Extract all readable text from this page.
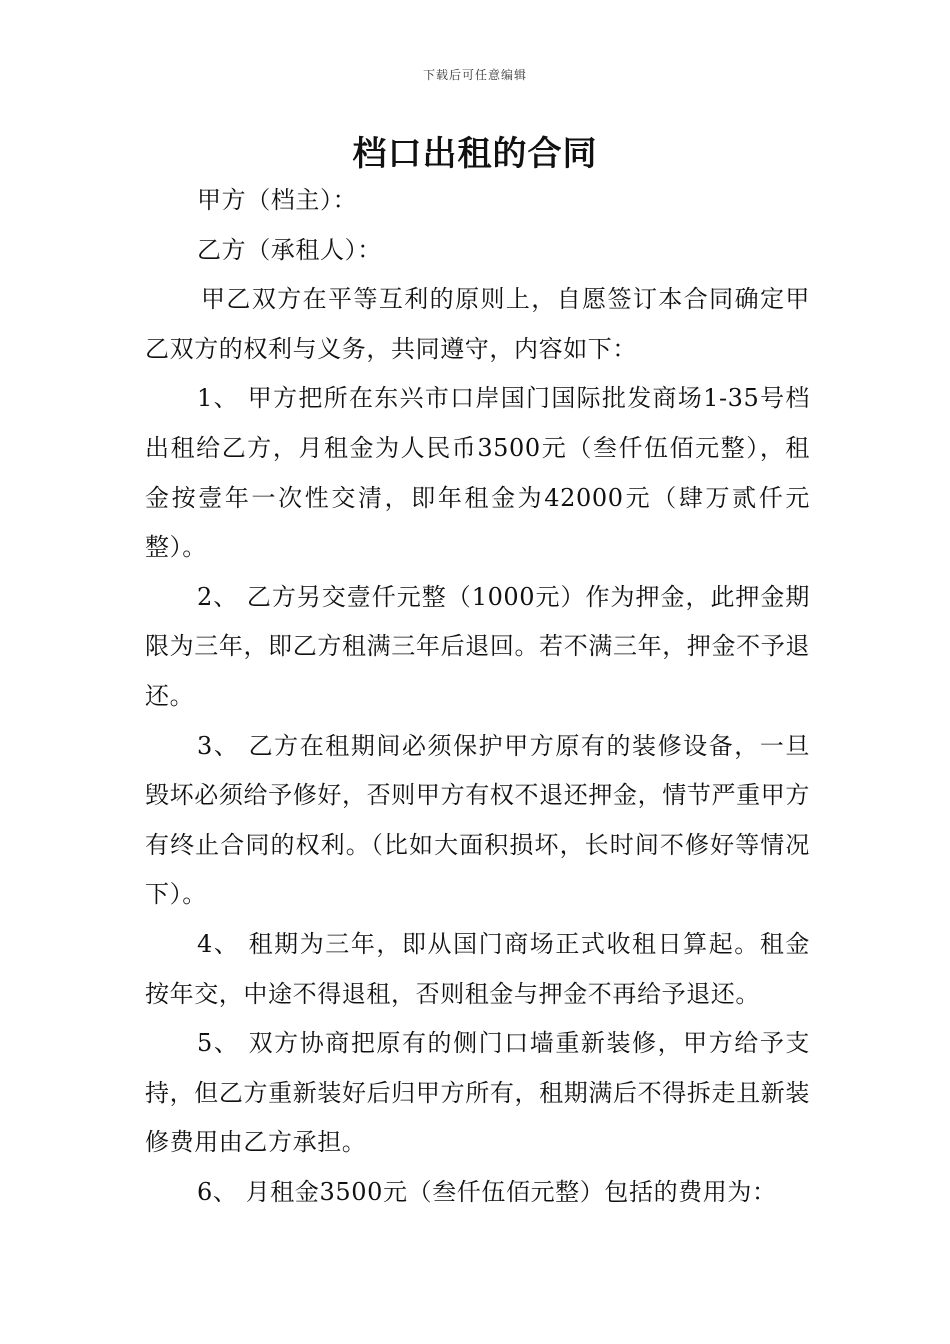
下载后可任意编辑
档口出租的合同

甲方（档主）：

乙方（承租人）：

甲乙双方在平等互利的原则上，自愿签订本合同确定甲乙双方的权利与义务，共同遵守，内容如下：

1、 甲方把所在东兴市口岸国门国际批发商场1-35号档出租给乙方，月租金为人民币3500元（叁仟伍佰元整），租金按壹年一次性交清，即年租金为42000元（肆万贰仟元整）。

2、 乙方另交壹仟元整（1000元）作为押金，此押金期限为三年，即乙方租满三年后退回。若不满三年，押金不予退还。

3、 乙方在租期间必须保护甲方原有的装修设备，一旦毁坏必须给予修好，否则甲方有权不退还押金，情节严重甲方有终止合同的权利。（比如大面积损坏，长时间不修好等情况下）。

4、 租期为三年，即从国门商场正式收租日算起。租金按年交，中途不得退租，否则租金与押金不再给予退还。

5、 双方协商把原有的侧门口墙重新装修，甲方给予支持，但乙方重新装好后归甲方所有，租期满后不得拆走且新装修费用由乙方承担。

6、 月租金3500元（叁仟伍佰元整）包括的费用为：
